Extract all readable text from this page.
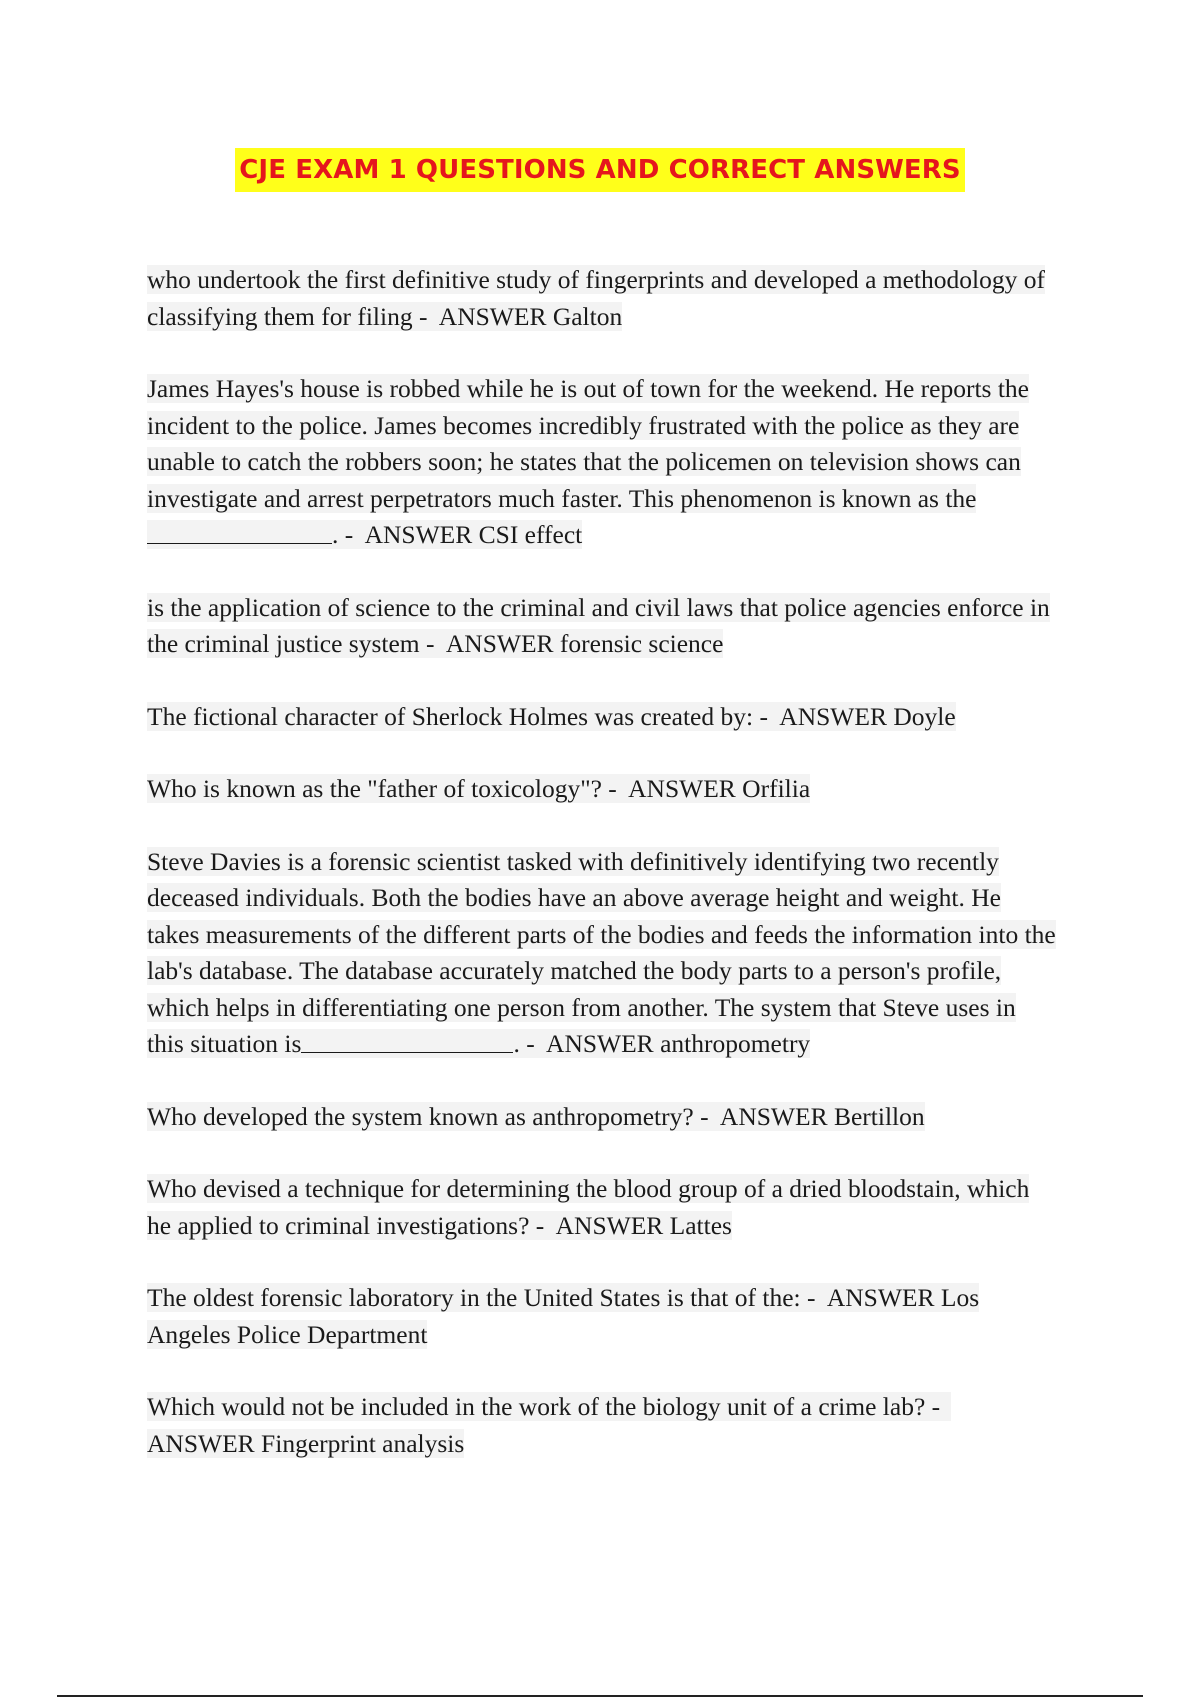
CJE EXAM 1 QUESTIONS AND CORRECT ANSWERS

who undertook the first definitive study of fingerprints and developed a methodology of classifying them for filing -  ANSWER Galton

James Hayes's house is robbed while he is out of town for the weekend. He reports the incident to the police. James becomes incredibly frustrated with the police as they are unable to catch the robbers soon; he states that the policemen on television shows can investigate and arrest perpetrators much faster. This phenomenon is known as the . -  ANSWER CSI effect

is the application of science to the criminal and civil laws that police agencies enforce in the criminal justice system -  ANSWER forensic science

The fictional character of Sherlock Holmes was created by: -  ANSWER Doyle

Who is known as the "father of toxicology"? -  ANSWER Orfilia

Steve Davies is a forensic scientist tasked with definitively identifying two recently deceased individuals. Both the bodies have an above average height and weight. He takes measurements of the different parts of the bodies and feeds the information into the lab's database. The database accurately matched the body parts to a person's profile, which helps in differentiating one person from another. The system that Steve uses in this situation is	. -  ANSWER anthropometry

Who developed the system known as anthropometry? -  ANSWER Bertillon

Who devised a technique for determining the blood group of a dried bloodstain, which he applied to criminal investigations? -  ANSWER Lattes

The oldest forensic laboratory in the United States is that of the: -  ANSWER Los Angeles Police Department

Which would not be included in the work of the biology unit of a crime lab? -  ANSWER Fingerprint analysis
